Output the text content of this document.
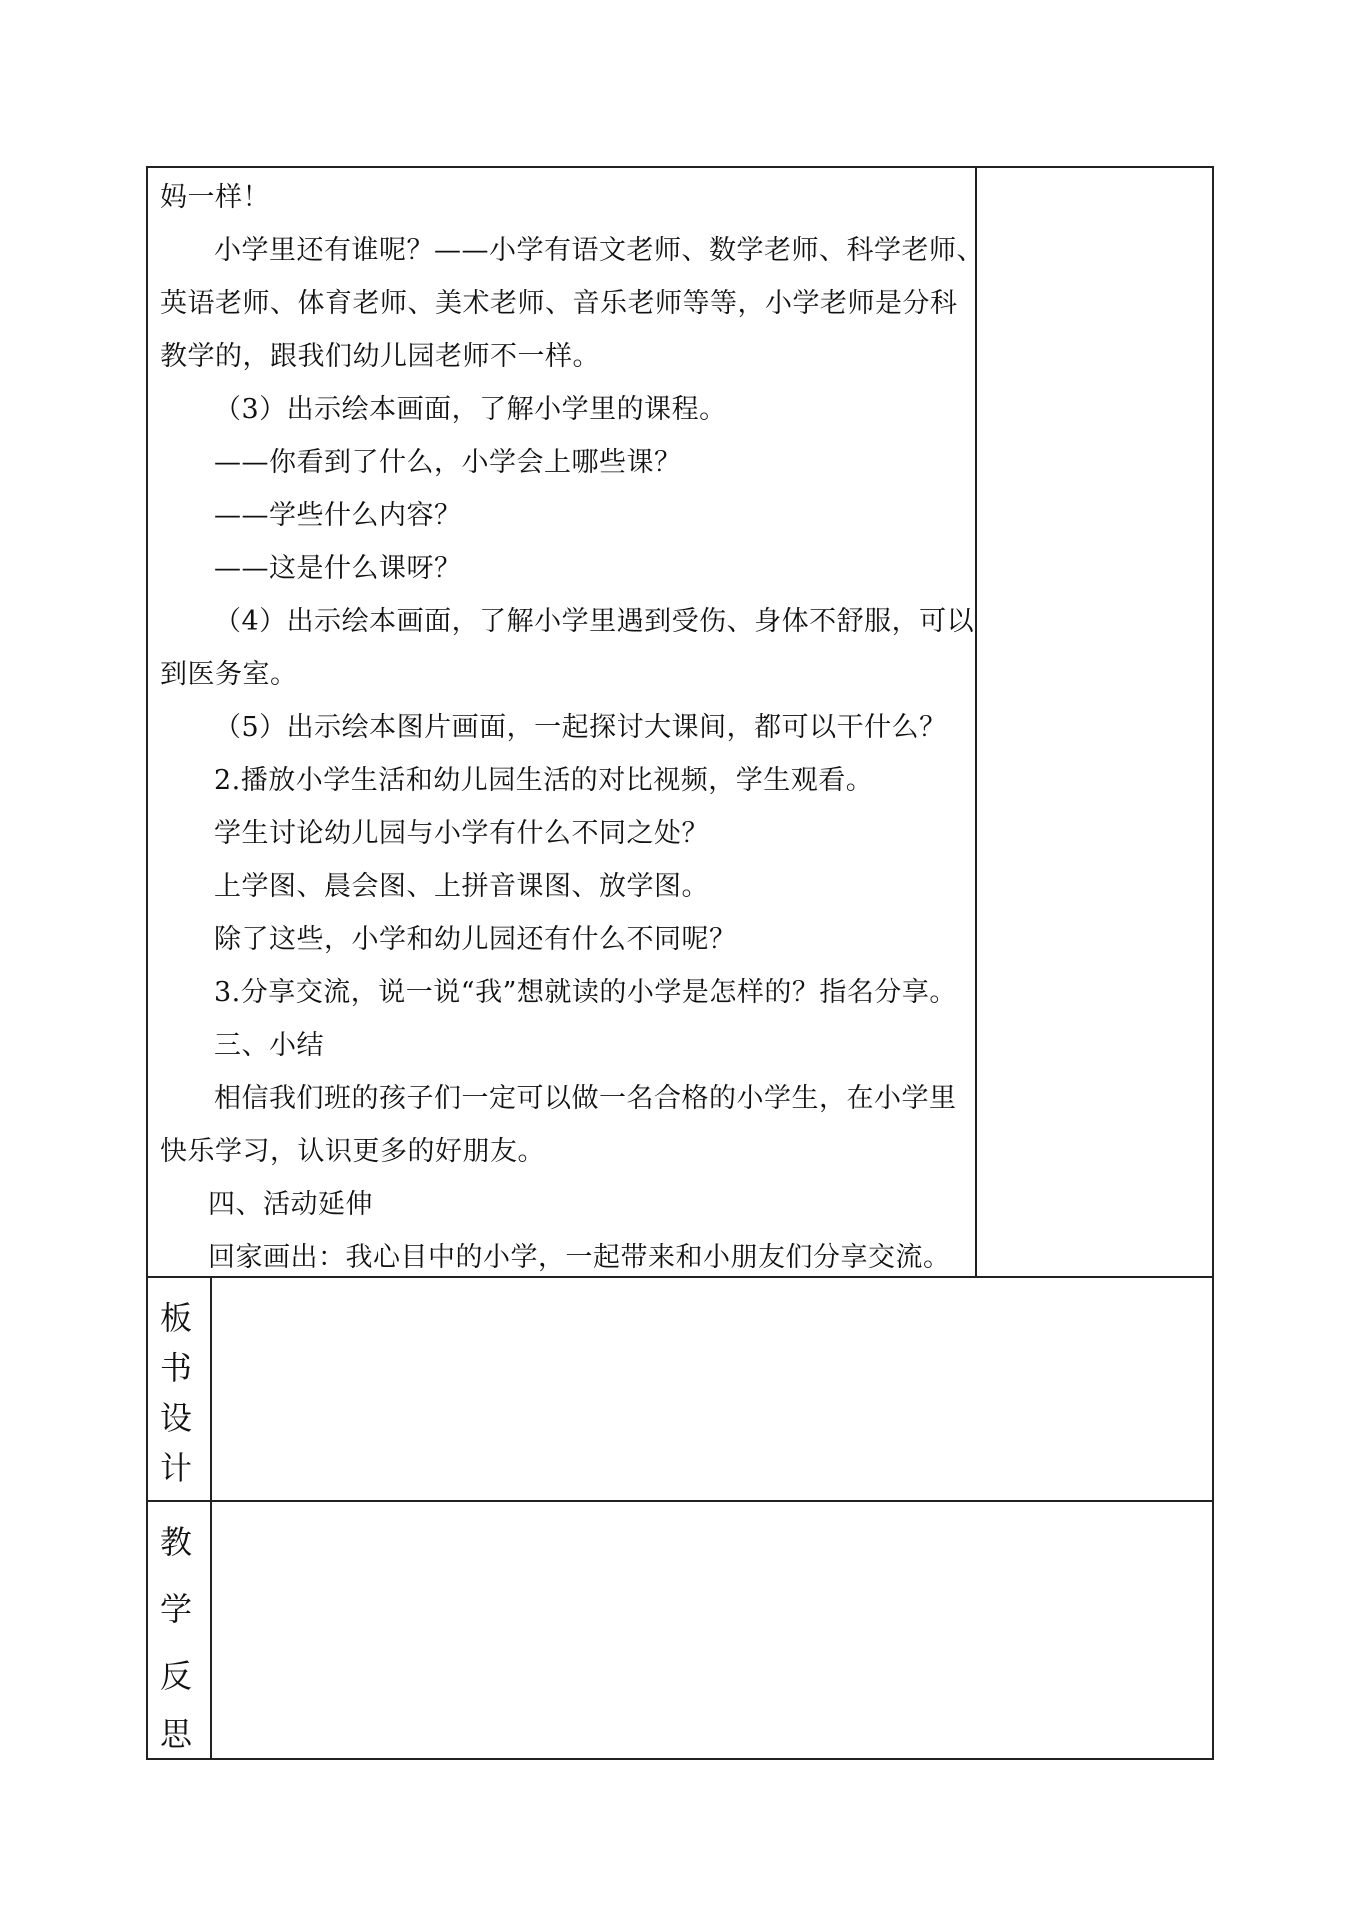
妈一样！
小学里还有谁呢？——小学有语文老师、数学老师、科学老师、
英语老师、体育老师、美术老师、音乐老师等等，小学老师是分科
教学的，跟我们幼儿园老师不一样。
（3）出示绘本画面，了解小学里的课程。
——你看到了什么，小学会上哪些课？
——学些什么内容？
——这是什么课呀？
（4）出示绘本画面，了解小学里遇到受伤、身体不舒服，可以
到医务室。
（5）出示绘本图片画面，一起探讨大课间，都可以干什么？
2.播放小学生活和幼儿园生活的对比视频，学生观看。
学生讨论幼儿园与小学有什么不同之处？
上学图、晨会图、上拼音课图、放学图。
除了这些，小学和幼儿园还有什么不同呢？
3.分享交流，说一说“我”想就读的小学是怎样的？指名分享。
三、小结
相信我们班的孩子们一定可以做一名合格的小学生，在小学里
快乐学习，认识更多的好朋友。
四、活动延伸
回家画出：我心目中的小学，一起带来和小朋友们分享交流。
板
书
设
计
教
学
反
思
